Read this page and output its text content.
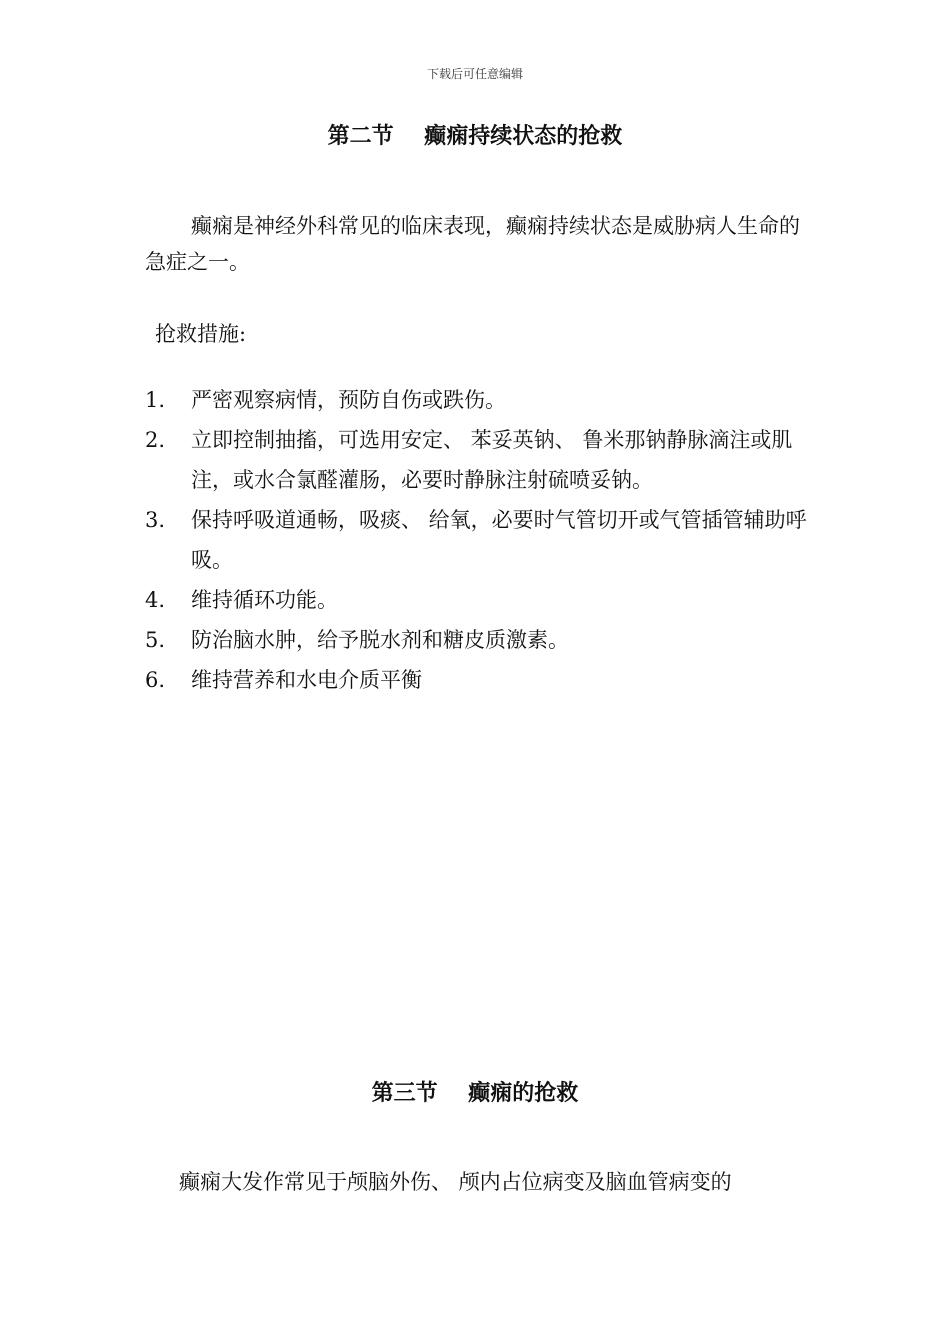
下载后可任意编辑
第二节    癫痫持续状态的抢救

癫痫是神经外科常见的临床表现，癫痫持续状态是威胁病人生命的急症之一。

抢救措施:
1.	严密观察病情，预防自伤或跌伤。
2.	立即控制抽搐，可选用安定、 苯妥英钠、 鲁米那钠静脉滴注或肌注，或水合氯醛灌肠，必要时静脉注射硫喷妥钠。
3.	保持呼吸道通畅，吸痰、 给氧，必要时气管切开或气管插管辅助呼吸。
4.	维持循环功能。
5.	防治脑水肿，给予脱水剂和糖皮质激素。
6.	维持营养和水电介质平衡
第三节    癫痫的抢救

癫痫大发作常见于颅脑外伤、 颅内占位病变及脑血管病变的
